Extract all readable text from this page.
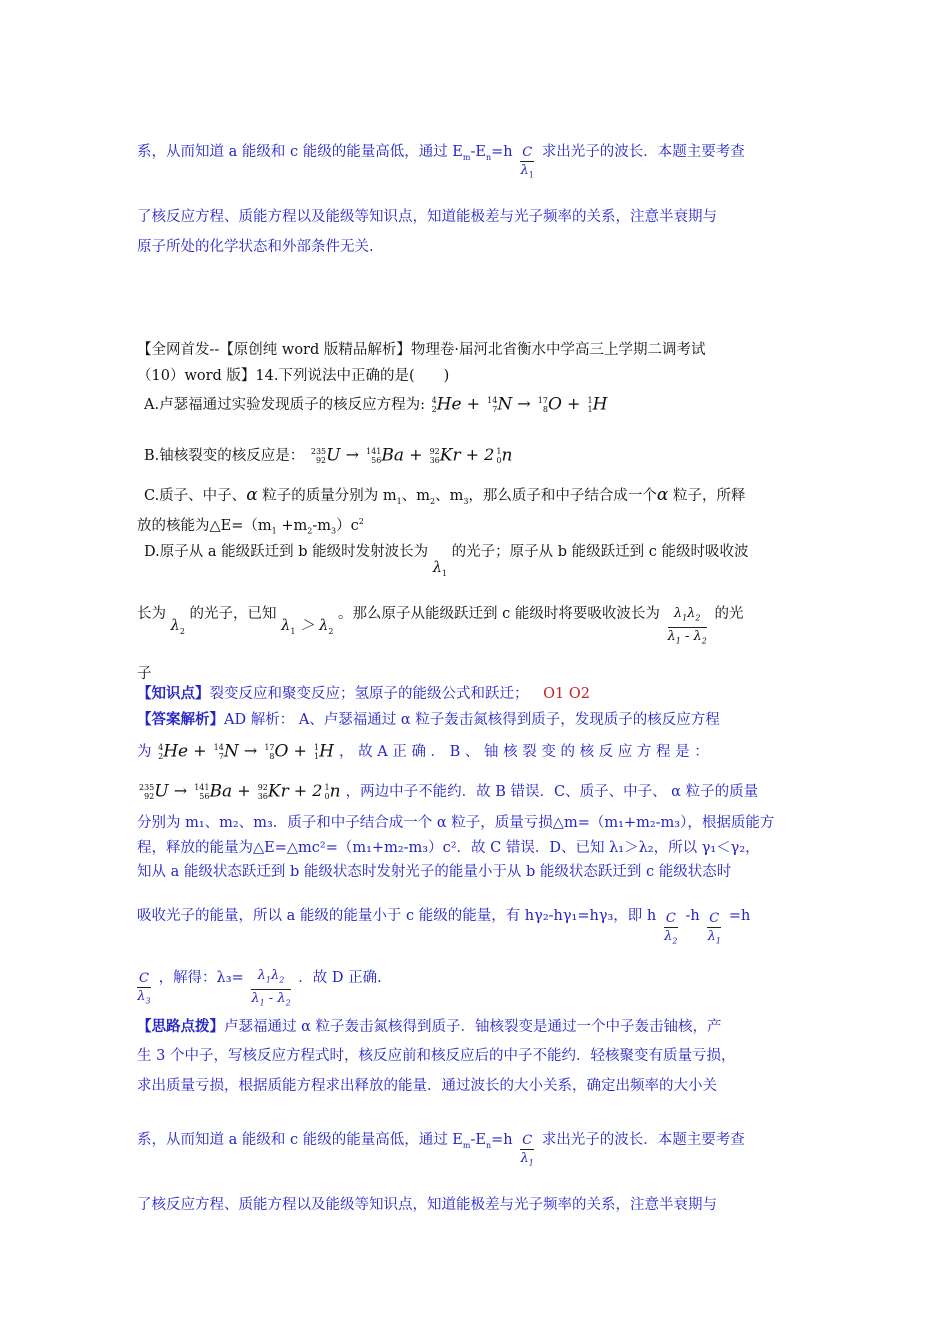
系，从而知道 a 能级和 c 能级的能量高低，通过 $E_m-E_n=h \frac{C}{\lambda_1}$ 求出光子的波长．本题主要考查
了核反应方程、质能方程以及能级等知识点，知道能极差与光子频率的关系，注意半衰期与
原子所处的化学状态和外部条件无关.
【全网首发--【原创纯 word 版精品解析】物理卷·届河北省衡水中学高三上学期二调考试
（10）word 版】14.下列说法中正确的是(　　)
A.卢瑟福通过实验发现质子的核反应方程为: 4
2He + 14
7N → 17
8O + 1
1H
B.铀核裂变的核反应是： 235
92U → 141
56Ba + 92
36Kr + 2 1
0n
C.质子、中子、α 粒子的质量分别为 $m_1$、$m_2$、$m_3$，那么质子和中子结合成一个α 粒子，所释
放的核能为$\triangle E=(m_1 +m_2-m_3)c^2$
D.原子从 a 能级跃迁到 b 能级时发射波长为 $\lambda_1$ 的光子；原子从 b 能级跃迁到 c 能级时吸收波
长为 $\lambda_2$ 的光子，已知 $\lambda_1 > \lambda_2$ 。那么原子从能级跃迁到 c 能级时将要吸收波长为 $\frac{\lambda_1\lambda_2}{\lambda_1 - \lambda_2}$ 的光
子
【知识点】裂变反应和聚变反应；氢原子的能级公式和跃迁； O1 O2
【答案解析】AD 解析： A、卢瑟福通过 α 粒子轰击氮核得到质子，发现质子的核反应方程
为 4
2He + 14
7N → 17
8O + 1
1H ， 故 A 正 确 ． B 、 铀 核 裂 变 的 核 反 应 方 程 是 ：
235
92U → 141
56Ba + 92
36Kr + 2 1
0n ，两边中子不能约．故 B 错误．C、质子、中子、 α 粒子的质量
分别为 m₁、m₂、m₃．质子和中子结合成一个 α 粒子，质量亏损△m=（m₁+m₂-m₃），根据质能方
程，释放的能量为△E=△mc²=（m₁+m₂-m₃）c²．故 C 错误．D、已知 λ₁＞λ₂，所以 γ₁＜γ₂，
知从 a 能级状态跃迁到 b 能级状态时发射光子的能量小于从 b 能级状态跃迁到 c 能级状态时
吸收光子的能量，所以 a 能级的能量小于 c 能级的能量，有 hγ₂-hγ₁=hγ₃，即 h $\frac{C}{\lambda_2} -h \frac{C}{\lambda_1} =h$
$\frac{C}{\lambda_3}$ ，解得：$\lambda_3= \frac{\lambda_1\lambda_2}{\lambda_1 - \lambda_2}$ ．故 D 正确.
【思路点拨】卢瑟福通过 α 粒子轰击氮核得到质子．铀核裂变是通过一个中子轰击铀核，产
生 3 个中子，写核反应方程式时，核反应前和核反应后的中子不能约．轻核聚变有质量亏损，
求出质量亏损，根据质能方程求出释放的能量．通过波长的大小关系，确定出频率的大小关
系，从而知道 a 能级和 c 能级的能量高低，通过 $E_m-E_n=h \frac{C}{\lambda_1}$ 求出光子的波长．本题主要考查
了核反应方程、质能方程以及能级等知识点，知道能极差与光子频率的关系，注意半衰期与
